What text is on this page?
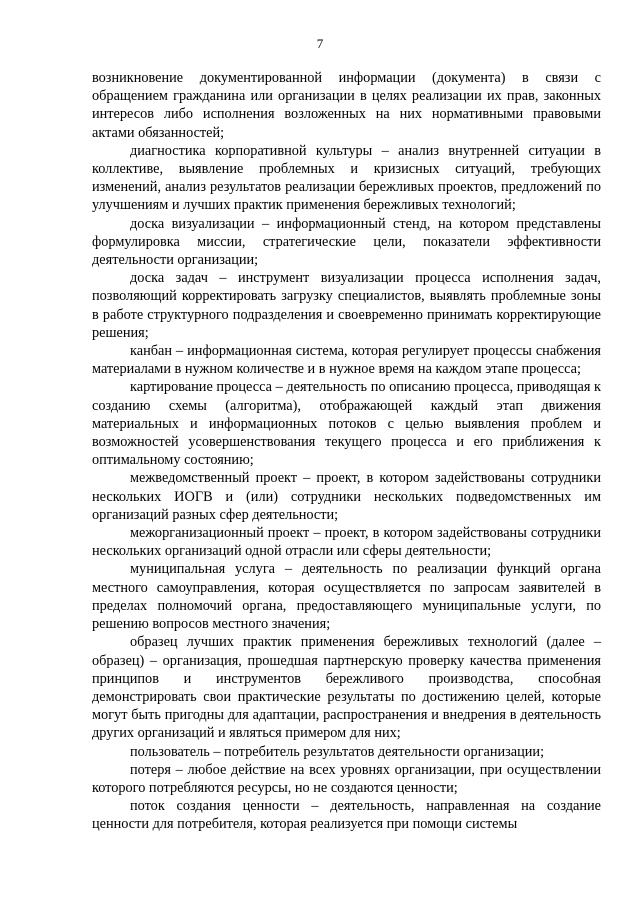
7

возникновение документированной информации (документа) в связи с обращением гражданина или организации в целях реализации их прав, законных интересов либо исполнения возложенных на них нормативными правовыми актами обязанностей;

диагностика корпоративной культуры – анализ внутренней ситуации в коллективе, выявление проблемных и кризисных ситуаций, требующих изменений, анализ результатов реализации бережливых проектов, предложений по улучшениям и лучших практик применения бережливых технологий;

доска визуализации – информационный стенд, на котором представлены формулировка миссии, стратегические цели, показатели эффективности деятельности организации;

доска задач – инструмент визуализации процесса исполнения задач, позволяющий корректировать загрузку специалистов, выявлять проблемные зоны в работе структурного подразделения и своевременно принимать корректирующие решения;

канбан – информационная система, которая регулирует процессы снабжения материалами в нужном количестве и в нужное время на каждом этапе процесса;

картирование процесса – деятельность по описанию процесса, приводящая к созданию схемы (алгоритма), отображающей каждый этап движения материальных и информационных потоков с целью выявления проблем и возможностей усовершенствования текущего процесса и его приближения к оптимальному состоянию;

межведомственный проект – проект, в котором задействованы сотрудники нескольких ИОГВ и (или) сотрудники нескольких подведомственных им организаций разных сфер деятельности;

межорганизационный проект – проект, в котором задействованы сотрудники нескольких организаций одной отрасли или сферы деятельности;

муниципальная услуга – деятельность по реализации функций органа местного самоуправления, которая осуществляется по запросам заявителей в пределах полномочий органа, предоставляющего муниципальные услуги, по решению вопросов местного значения;

образец лучших практик применения бережливых технологий (далее – образец) – организация, прошедшая партнерскую проверку качества применения принципов и инструментов бережливого производства, способная демонстрировать свои практические результаты по достижению целей, которые могут быть пригодны для адаптации, распространения и внедрения в деятельность других организаций и являться примером для них;

пользователь – потребитель результатов деятельности организации;

потеря – любое действие на всех уровнях организации, при осуществлении которого потребляются ресурсы, но не создаются ценности;

поток создания ценности – деятельность, направленная на создание ценности для потребителя, которая реализуется при помощи системы
